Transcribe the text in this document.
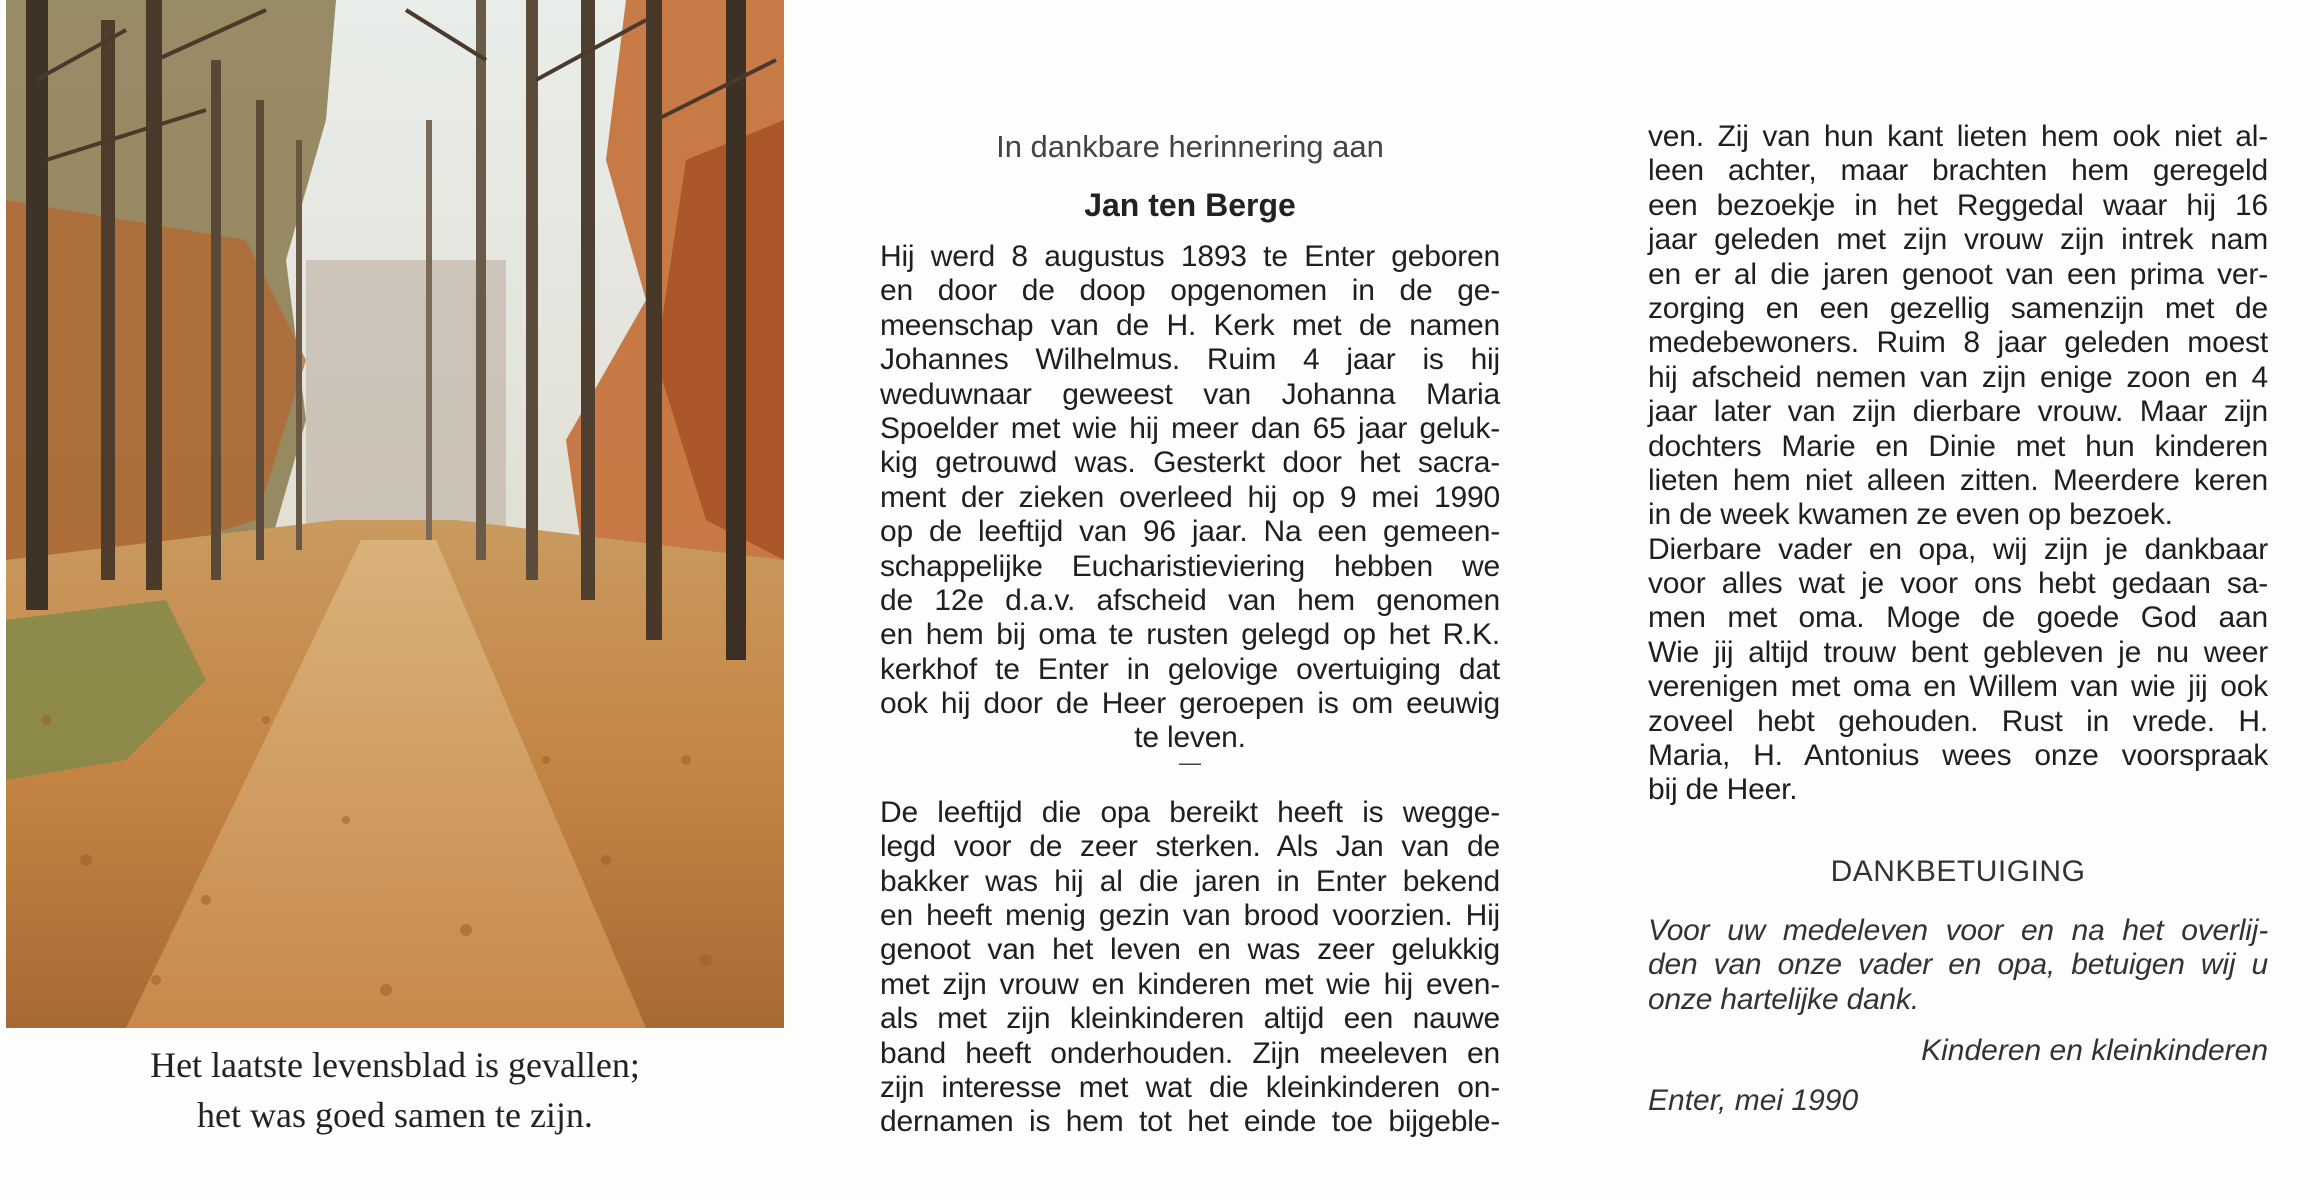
Het laatste levensblad is gevallen;
het was goed samen te zijn.
In dankbare herinnering aan
Jan ten Berge
Hij werd 8 augustus 1893 te Enter geboren
en door de doop opgenomen in de ge-
meenschap van de H. Kerk met de namen
Johannes Wilhelmus. Ruim 4 jaar is hij
weduwnaar geweest van Johanna Maria
Spoelder met wie hij meer dan 65 jaar geluk-
kig getrouwd was. Gesterkt door het sacra-
ment der zieken overleed hij op 9 mei 1990
op de leeftijd van 96 jaar. Na een gemeen-
schappelijke Eucharistieviering hebben we
de 12e d.a.v. afscheid van hem genomen
en hem bij oma te rusten gelegd op het R.K.
kerkhof te Enter in gelovige overtuiging dat
ook hij door de Heer geroepen is om eeuwig
te leven.
—
De leeftijd die opa bereikt heeft is wegge-
legd voor de zeer sterken. Als Jan van de
bakker was hij al die jaren in Enter bekend
en heeft menig gezin van brood voorzien. Hij
genoot van het leven en was zeer gelukkig
met zijn vrouw en kinderen met wie hij even-
als met zijn kleinkinderen altijd een nauwe
band heeft onderhouden. Zijn meeleven en
zijn interesse met wat die kleinkinderen on-
dernamen is hem tot het einde toe bijgeble-
ven. Zij van hun kant lieten hem ook niet al-
leen achter, maar brachten hem geregeld
een bezoekje in het Reggedal waar hij 16
jaar geleden met zijn vrouw zijn intrek nam
en er al die jaren genoot van een prima ver-
zorging en een gezellig samenzijn met de
medebewoners. Ruim 8 jaar geleden moest
hij afscheid nemen van zijn enige zoon en 4
jaar later van zijn dierbare vrouw. Maar zijn
dochters Marie en Dinie met hun kinderen
lieten hem niet alleen zitten. Meerdere keren
in de week kwamen ze even op bezoek.
Dierbare vader en opa, wij zijn je dankbaar
voor alles wat je voor ons hebt gedaan sa-
men met oma. Moge de goede God aan
Wie jij altijd trouw bent gebleven je nu weer
verenigen met oma en Willem van wie jij ook
zoveel hebt gehouden. Rust in vrede. H.
Maria, H. Antonius wees onze voorspraak
bij de Heer.
DANKBETUIGING
Voor uw medeleven voor en na het overlij-
den van onze vader en opa, betuigen wij u
onze hartelijke dank.
Kinderen en kleinkinderen
Enter, mei 1990
